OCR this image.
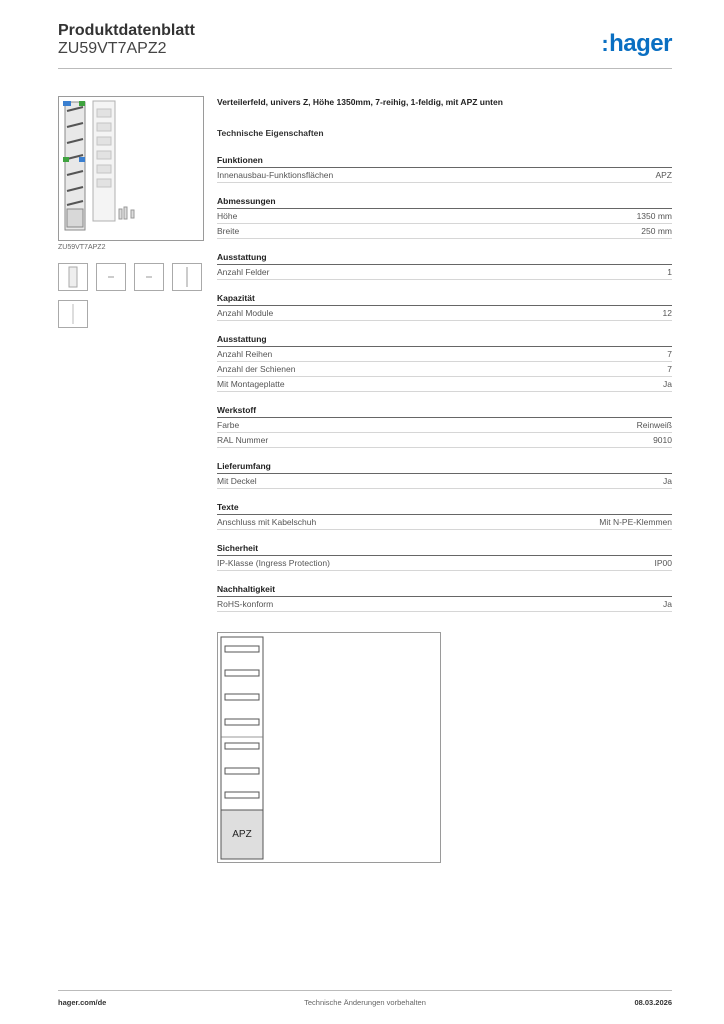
Produktdatenblatt
ZU59VT7APZ2	:hager
ZU59VT7APZ2
Verteilerfeld, univers Z, Höhe 1350mm, 7-reihig, 1-feldig, mit APZ unten
Technische Eigenschaften
Funktionen
Innenausbau-Funktionsflächen	APZ
Abmessungen
Höhe	1350 mm
Breite	250 mm
Ausstattung
Anzahl Felder	1
Kapazität
Anzahl Module	12
Ausstattung
Anzahl Reihen	7
Anzahl der Schienen	7
Mit Montageplatte	Ja
Werkstoff
Farbe	Reinweiß
RAL Nummer	9010
Lieferumfang
Mit Deckel	Ja
Texte
Anschluss mit Kabelschuh	Mit N-PE-Klemmen
Sicherheit
IP-Klasse (Ingress Protection)	IP00
Nachhaltigkeit
RoHS-konform	Ja
APZ
hager.com/de	Technische Änderungen vorbehalten	08.03.2026
